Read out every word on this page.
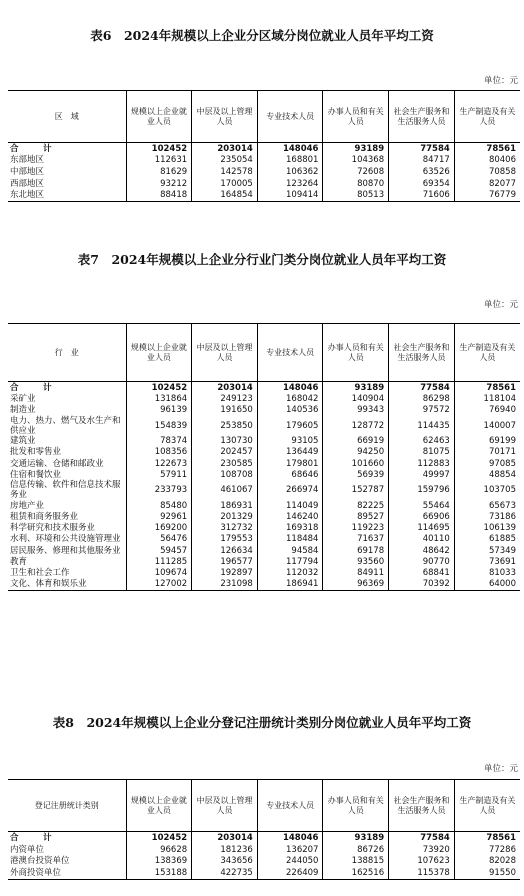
表6　2024年规模以上企业分区域分岗位就业人员年平均工资
单位：元
区　域	规模以上企业就业人员	中层及以上管理人员	专业技术人员	办事人员和有关人员	社会生产服务和生活服务人员	生产制造及有关人员
合　计	102452	203014	148046	93189	77584	78561
东部地区	112631	235054	168801	104368	84717	80406
中部地区	81629	142578	106362	72608	63526	70858
西部地区	93212	170005	123264	80870	69354	82077
东北地区	88418	164854	109414	80513	71606	76779
表7　2024年规模以上企业分行业门类分岗位就业人员年平均工资
单位：元
行　业	规模以上企业就业人员	中层及以上管理人员	专业技术人员	办事人员和有关人员	社会生产服务和生活服务人员	生产制造及有关人员
合　计	102452	203014	148046	93189	77584	78561
采矿业	131864	249123	168042	140904	86298	118104
制造业	96139	191650	140536	99343	97572	76940
电力、热力、燃气及水生产和供应业	154839	253850	179605	128772	114435	140007
建筑业	78374	130730	93105	66919	62463	69199
批发和零售业	108356	202457	136449	94250	81075	70171
交通运输、仓储和邮政业	122673	230585	179801	101660	112883	97085
住宿和餐饮业	57911	108708	68646	56939	49997	48854
信息传输、软件和信息技术服务业	233793	461067	266974	152787	159796	103705
房地产业	85480	186931	114049	82225	55464	65673
租赁和商务服务业	92961	201329	146240	89527	66906	73186
科学研究和技术服务业	169200	312732	169318	119223	114695	106139
水利、环境和公共设施管理业	56476	179553	118484	71637	40110	61885
居民服务、修理和其他服务业	59457	126634	94584	69178	48642	57349
教育	111285	196577	117794	93560	90770	73691
卫生和社会工作	109674	192897	112032	84911	68841	81033
文化、体育和娱乐业	127002	231098	186941	96369	70392	64000
表8　2024年规模以上企业分登记注册统计类别分岗位就业人员年平均工资
单位：元
登记注册统计类别	规模以上企业就业人员	中层及以上管理人员	专业技术人员	办事人员和有关人员	社会生产服务和生活服务人员	生产制造及有关人员
合　计	102452	203014	148046	93189	77584	78561
内资单位	96628	181236	136207	86726	73920	77286
港澳台投资单位	138369	343656	244050	138815	107623	82028
外商投资单位	153188	422735	226409	162516	115378	91550
